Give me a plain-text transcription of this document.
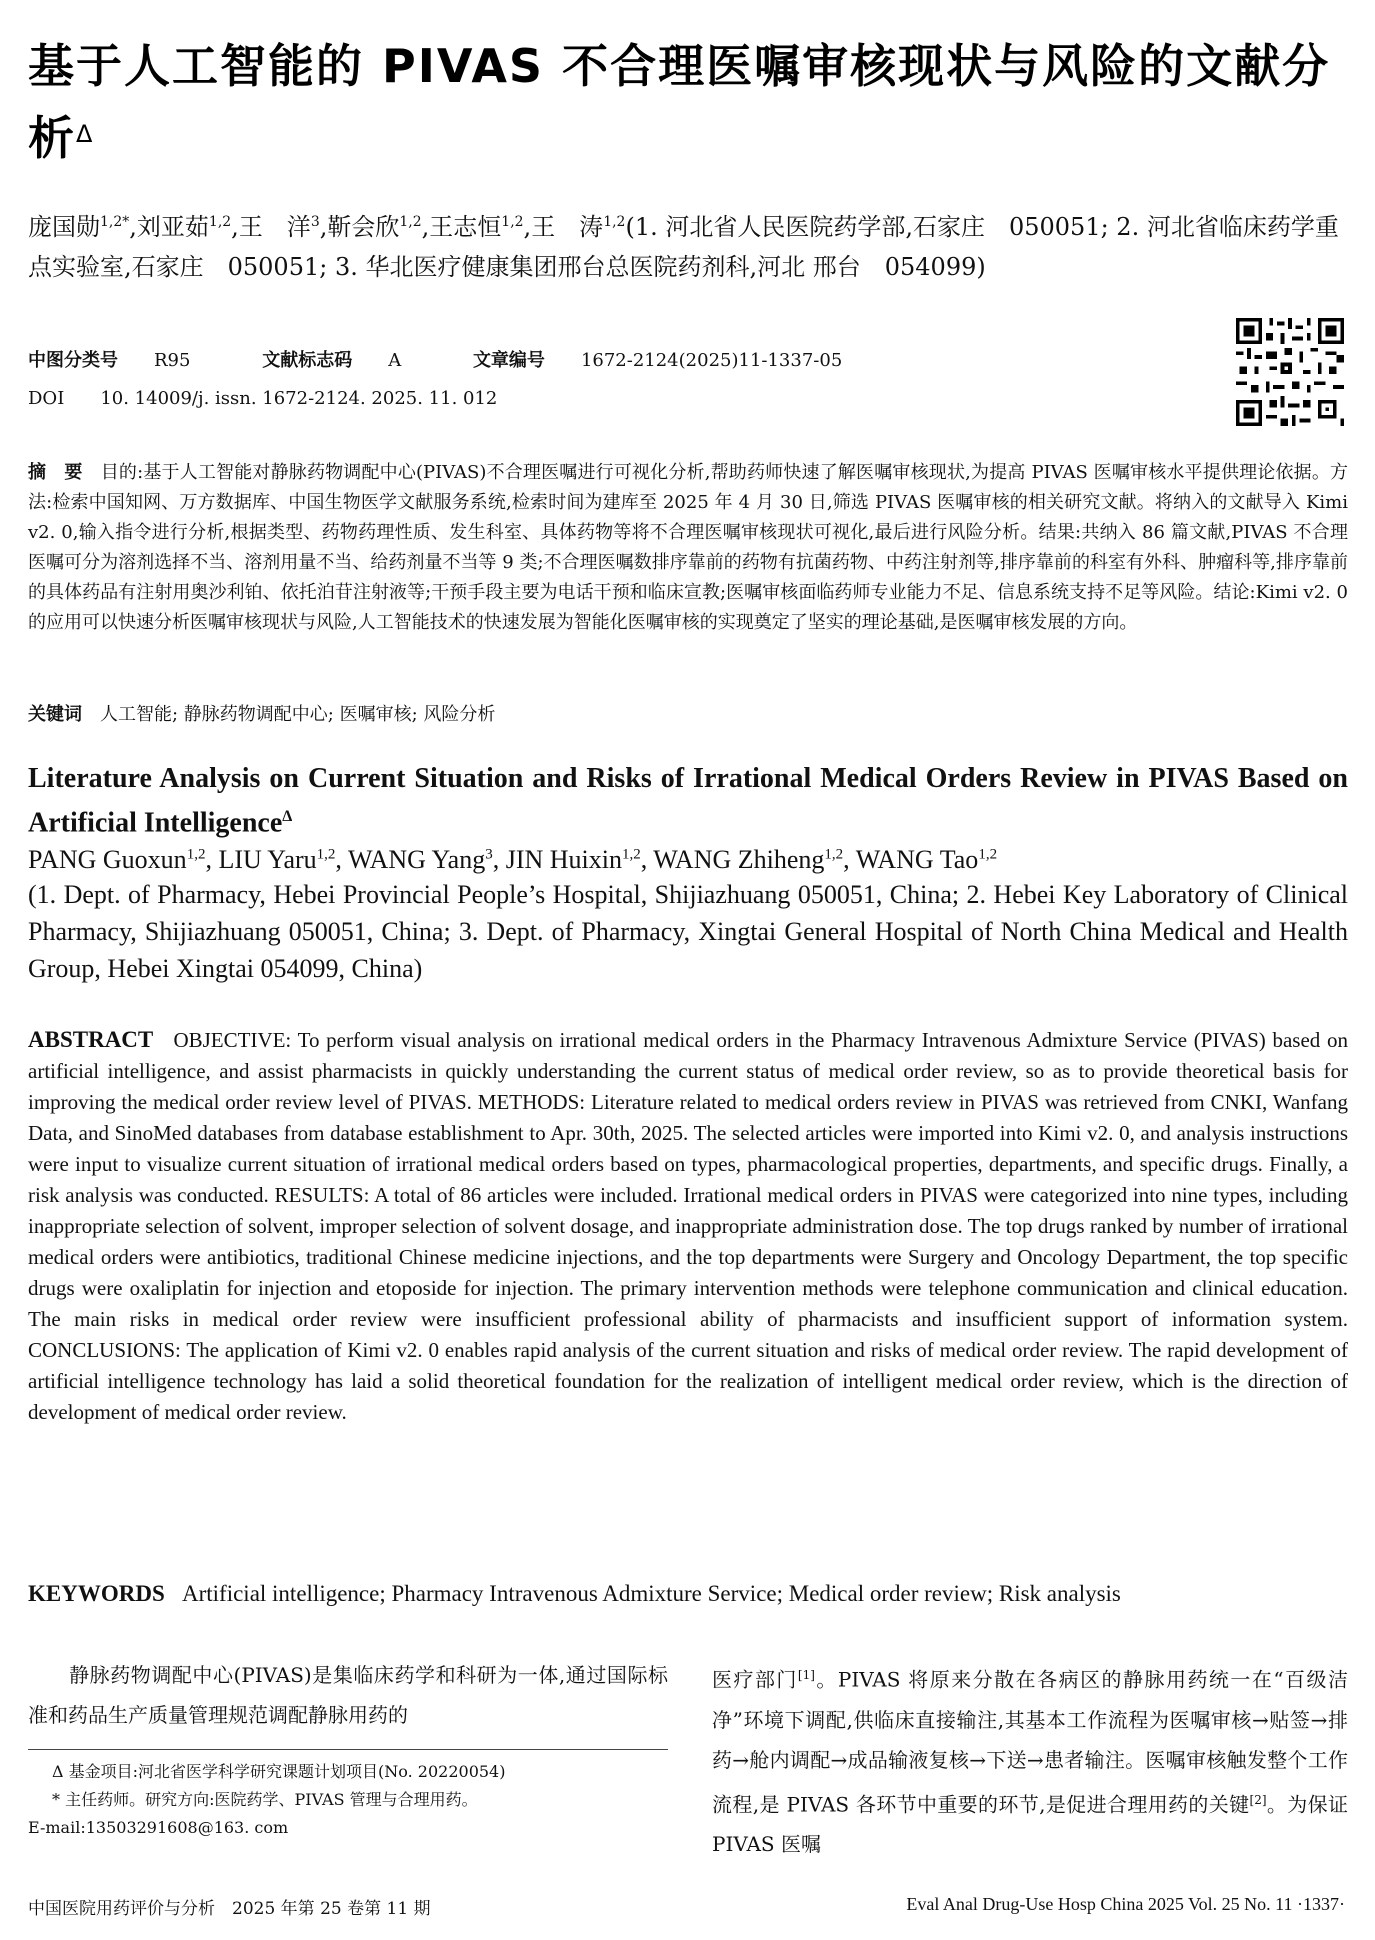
基于人工智能的 PIVAS 不合理医嘱审核现状与风险的文献分析$^\Delta$
庞国勋$^{1,2*}$,刘亚茹$^{1,2}$,王　洋$^3$,靳会欣$^{1,2}$,王志恒$^{1,2}$,王　涛$^{1,2}$(1. 河北省人民医院药学部,石家庄　050051; 2. 河北省临床药学重点实验室,石家庄　050051; 3. 华北医疗健康集团邢台总医院药剂科,河北 邢台　054099)
中图分类号 R95	文献标志码 A	文章编号 1672-2124(2025)11-1337-05
DOI 10. 14009/j. issn. 1672-2124. 2025. 11. 012
摘　要　 目的:基于人工智能对静脉药物调配中心(PIVAS)不合理医嘱进行可视化分析,帮助药师快速了解医嘱审核现状,为提高 PIVAS 医嘱审核水平提供理论依据。方法:检索中国知网、万方数据库、中国生物医学文献服务系统,检索时间为建库至 2025 年 4 月 30 日,筛选 PIVAS 医嘱审核的相关研究文献。将纳入的文献导入 Kimi v2. 0,输入指令进行分析,根据类型、药物药理性质、发生科室、具体药物等将不合理医嘱审核现状可视化,最后进行风险分析。结果:共纳入 86 篇文献,PIVAS 不合理医嘱可分为溶剂选择不当、溶剂用量不当、给药剂量不当等 9 类;不合理医嘱数排序靠前的药物有抗菌药物、中药注射剂等,排序靠前的科室有外科、肿瘤科等,排序靠前的具体药品有注射用奥沙利铂、依托泊苷注射液等;干预手段主要为电话干预和临床宣教;医嘱审核面临药师专业能力不足、信息系统支持不足等风险。结论:Kimi v2. 0 的应用可以快速分析医嘱审核现状与风险,人工智能技术的快速发展为智能化医嘱审核的实现奠定了坚实的理论基础,是医嘱审核发展的方向。
关键词　 人工智能; 静脉药物调配中心; 医嘱审核; 风险分析
Literature Analysis on Current Situation and Risks of Irrational Medical Orders Review in PIVAS Based on Artificial Intelligence$^\Delta$
PANG Guoxun$^{1,2}$, LIU Yaru$^{1,2}$, WANG Yang$^3$, JIN Huixin$^{1,2}$, WANG Zhiheng$^{1,2}$, WANG Tao$^{1,2}$
(1. Dept. of Pharmacy, Hebei Provincial People’s Hospital, Shijiazhuang 050051, China; 2. Hebei Key Laboratory of Clinical Pharmacy, Shijiazhuang 050051, China; 3. Dept. of Pharmacy, Xingtai General Hospital of North China Medical and Health Group, Hebei Xingtai 054099, China)
ABSTRACT OBJECTIVE: To perform visual analysis on irrational medical orders in the Pharmacy Intravenous Admixture Service (PIVAS) based on artificial intelligence, and assist pharmacists in quickly understanding the current status of medical order review, so as to provide theoretical basis for improving the medical order review level of PIVAS. METHODS: Literature related to medical orders review in PIVAS was retrieved from CNKI, Wanfang Data, and SinoMed databases from database establishment to Apr. 30th, 2025. The selected articles were imported into Kimi v2. 0, and analysis instructions were input to visualize current situation of irrational medical orders based on types, pharmacological properties, departments, and specific drugs. Finally, a risk analysis was conducted. RESULTS: A total of 86 articles were included. Irrational medical orders in PIVAS were categorized into nine types, including inappropriate selection of solvent, improper selection of solvent dosage, and inappropriate administration dose. The top drugs ranked by number of irrational medical orders were antibiotics, traditional Chinese medicine injections, and the top departments were Surgery and Oncology Department, the top specific drugs were oxaliplatin for injection and etoposide for injection. The primary intervention methods were telephone communication and clinical education. The main risks in medical order review were insufficient professional ability of pharmacists and insufficient support of information system. CONCLUSIONS: The application of Kimi v2. 0 enables rapid analysis of the current situation and risks of medical order review. The rapid development of artificial intelligence technology has laid a solid theoretical foundation for the realization of intelligent medical order review, which is the direction of development of medical order review.
KEYWORDS Artificial intelligence; Pharmacy Intravenous Admixture Service; Medical order review; Risk analysis
　　静脉药物调配中心(PIVAS)是集临床药学和科研为一体,通过国际标准和药品生产质量管理规范调配静脉用药的
Δ 基金项目:河北省医学科学研究课题计划项目(No. 20220054)
* 主任药师。研究方向:医院药学、PIVAS 管理与合理用药。
E-mail:13503291608@163. com
医疗部门[1]。PIVAS 将原来分散在各病区的静脉用药统一在“百级洁净”环境下调配,供临床直接输注,其基本工作流程为医嘱审核→贴签→排药→舱内调配→成品输液复核→下送→患者输注。医嘱审核触发整个工作流程,是 PIVAS 各环节中重要的环节,是促进合理用药的关键[2]。为保证 PIVAS 医嘱
中国医院用药评价与分析　2025 年第 25 卷第 11 期	Eval Anal Drug-Use Hosp China 2025 Vol. 25 No. 11 ·1337·
